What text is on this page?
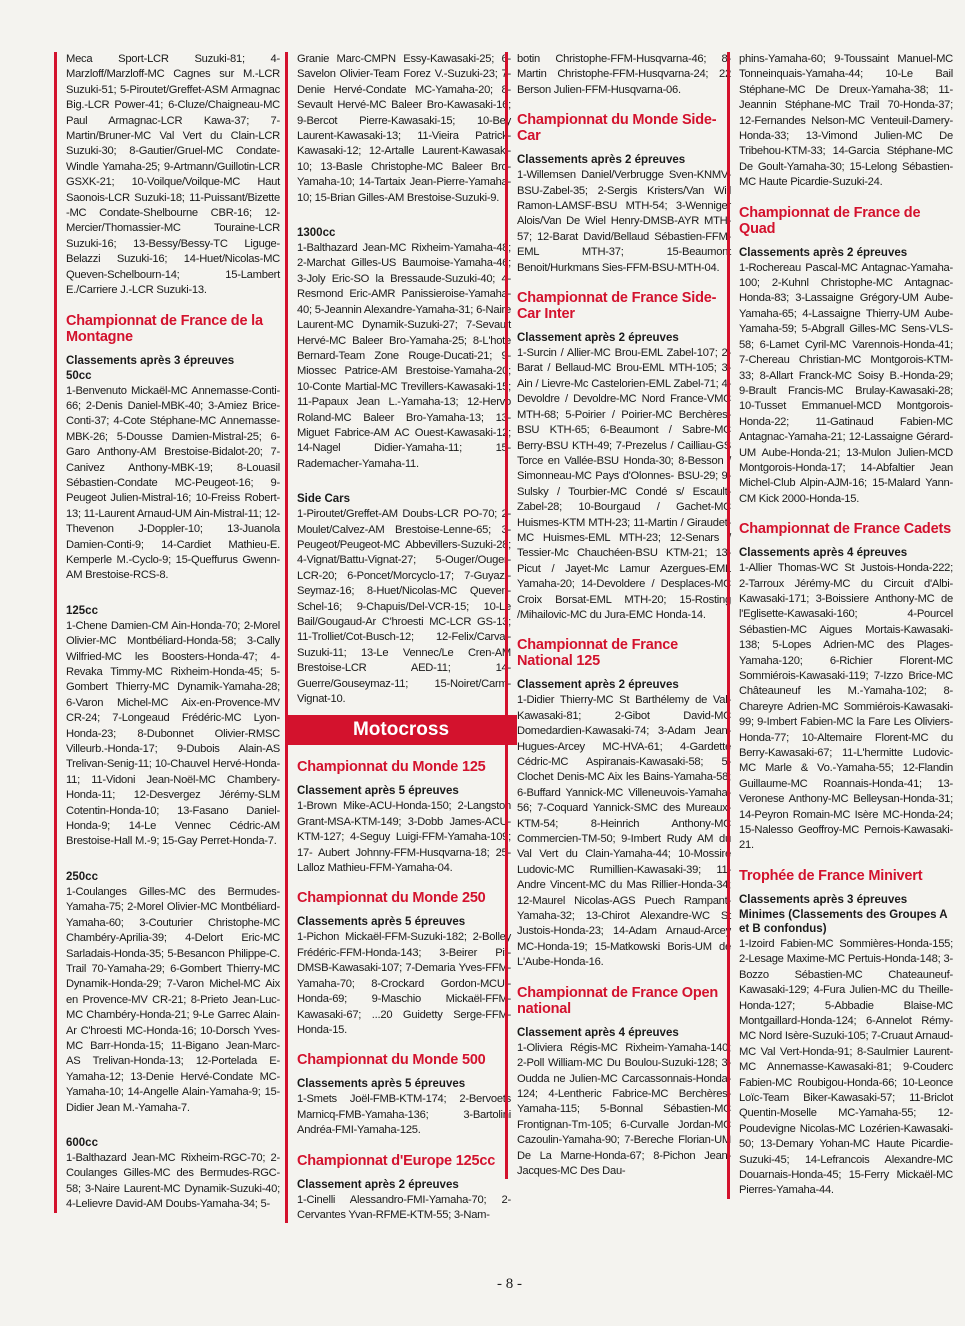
Meca Sport-LCR Suzuki-81; 4-Marzloff/Marzloff-MC Cagnes sur M.-LCR Suzuki-51; 5-Piroutet/Greffet-ASM Armagnac Big.-LCR Power-41; 6-Cluze/Chaigneau-MC Paul Armagnac-LCR Kawa-37; 7-Martin/Bruner-MC Val Vert du Clain-LCR Suzuki-30; 8-Gautier/Gruel-MC Condate-Windle Yamaha-25; 9-Artmann/Guillotin-LCR GSXK-21; 10-Voilque/Voilque-MC Haut Saonois-LCR Suzuki-18; 11-Puissant/Bizette -MC Condate-Shelbourne CBR-16; 12-Mercier/Thomassier-MC Touraine-LCR Suzuki-16; 13-Bessy/Bessy-TC Liguge-Belazzi Suzuki-16; 14-Huet/Nicolas-MC Queven-Schelbourn-14; 15-Lambert E./Carriere J.-LCR Suzuki-13.

Championnat de France de la Montagne
Classements après 3 épreuves
50cc

1-Benvenuto Mickaël-MC Annemasse-Conti-66; 2-Denis Daniel-MBK-40; 3-Amiez Brice-Conti-37; 4-Cote Stéphane-MC Annemasse-MBK-26; 5-Dousse Damien-Mistral-25; 6-Garo Anthony-AM Brestoise-Bidalot-20; 7-Canivez Anthony-MBK-19; 8-Louasil Sébastien-Condate MC-Peugeot-16; 9-Peugeot Julien-Mistral-16; 10-Freiss Robert-13; 11-Laurent Arnaud-UM Ain-Mistral-11; 12-Thevenon J-Doppler-10; 13-Juanola Damien-Conti-9; 14-Cardiet Mathieu-E. Kemperle M.-Cyclo-9; 15-Queffurus Gwenn-AM Brestoise-RCS-8.

125cc

1-Chene Damien-CM Ain-Honda-70; 2-Morel Olivier-MC Montbéliard-Honda-58; 3-Cally Wilfried-MC les Boosters-Honda-47; 4-Revaka Timmy-MC Rixheim-Honda-45; 5-Gombert Thierry-MC Dynamik-Yamaha-28; 6-Varon Michel-MC Aix-en-Provence-MV CR-24; 7-Longeaud Frédéric-MC Lyon-Honda-23; 8-Dubonnet Olivier-RMSC Villeurb.-Honda-17; 9-Dubois Alain-AS Trelivan-Senig-11; 10-Chauvel Hervé-Honda-11; 11-Vidoni Jean-Noël-MC Chambery-Honda-11; 12-Desvergez Jérémy-SLM Cotentin-Honda-10; 13-Fasano Daniel-Honda-9; 14-Le Vennec Cédric-AM Brestoise-Hall M.-9; 15-Gay Perret-Honda-7.

250cc

1-Coulanges Gilles-MC des Bermudes-Yamaha-75; 2-Morel Olivier-MC Montbéliard-Yamaha-60; 3-Couturier Christophe-MC Chambéry-Aprilia-39; 4-Delort Eric-MC Sarladais-Honda-35; 5-Besancon Philippe-C. Trail 70-Yamaha-29; 6-Gombert Thierry-MC Dynamik-Honda-29; 7-Varon Michel-MC Aix en Provence-MV CR-21; 8-Prieto Jean-Luc-MC Chambéry-Honda-21; 9-Le Garrec Alain-Ar C'hroesti MC-Honda-16; 10-Dorsch Yves-MC Barr-Honda-15; 11-Bigano Jean-Marc-AS Trelivan-Honda-13; 12-Portelada E-Yamaha-12; 13-Denie Hervé-Condate MC-Yamaha-10; 14-Angelle Alain-Yamaha-9; 15-Didier Jean M.-Yamaha-7.

600cc

1-Balthazard Jean-MC Rixheim-RGC-70; 2-Coulanges Gilles-MC des Bermudes-RGC-58; 3-Naire Laurent-MC Dynamik-Suzuki-40; 4-Lelievre David-AM Doubs-Yamaha-34; 5-

Granie Marc-CMPN Essy-Kawasaki-25; 6-Savelon Olivier-Team Forez V.-Suzuki-23; 7-Denie Hervé-Condate MC-Yamaha-20; 8-Sevault Hervé-MC Baleer Bro-Kawasaki-16; 9-Bercot Pierre-Kawasaki-15; 10-Bey Laurent-Kawasaki-13; 11-Vieira Patrick-Kawasaki-12; 12-Artalle Laurent-Kawasaki-10; 13-Basle Christophe-MC Baleer Bro-Yamaha-10; 14-Tartaix Jean-Pierre-Yamaha-10; 15-Brian Gilles-AM Brestoise-Suzuki-9.

1300cc

1-Balthazard Jean-MC Rixheim-Yamaha-48; 2-Marchat Gilles-US Baumoise-Yamaha-46; 3-Joly Eric-SO la Bressaude-Suzuki-40; 4-Resmond Eric-AMR Panissieroise-Yamaha-40; 5-Jeannin Alexandre-Yamaha-31; 6-Naire Laurent-MC Dynamik-Suzuki-27; 7-Sevault Hervé-MC Baleer Bro-Yamaha-25; 8-L'hote Bernard-Team Zone Rouge-Ducati-21; 9-Miossec Patrice-AM Brestoise-Yamaha-20; 10-Conte Martial-MC Trevillers-Kawasaki-15; 11-Papaux Jean L.-Yamaha-13; 12-Hervo Roland-MC Baleer Bro-Yamaha-13; 13-Miguet Fabrice-AM AC Ouest-Kawasaki-12; 14-Nagel Didier-Yamaha-11; 15-Rademacher-Yamaha-11.

Side Cars

1-Piroutet/Greffet-AM Doubs-LCR PO-70; 2-Moulet/Calvez-AM Brestoise-Lenne-65; 3-Peugeot/Peugeot-MC Abbevillers-Suzuki-28; 4-Vignat/Battu-Vignat-27; 5-Ouger/Ouger-LCR-20; 6-Poncet/Morcyclo-17; 7-Guyaz/-Seymaz-16; 8-Huet/Nicolas-MC Queven-Schel-16; 9-Chapuis/Del-VCR-15; 10-Le Bail/Gougaud-Ar C'hroesti MC-LCR GS-13; 11-Trolliet/Cot-Busch-12; 12-Felix/Carval-Suzuki-11; 13-Le Vennec/Le Cren-AM Brestoise-LCR AED-11; 14-Guerre/Gouseymaz-11; 15-Noiret/Carm-Vignat-10.

Motocross
Championnat du Monde 125
Classement après 5 épreuves

1-Brown Mike-ACU-Honda-150; 2-Langston Grant-MSA-KTM-149; 3-Dobb James-ACU-KTM-127; 4-Seguy Luigi-FFM-Yamaha-109; 17- Aubert Johnny-FFM-Husqvarna-18; 25-Lalloz Mathieu-FFM-Yamaha-04.

Championnat du Monde 250
Classements après 5 épreuves

1-Pichon Mickaël-FFM-Suzuki-182; 2-Bolley Frédéric-FFM-Honda-143; 3-Beirer Pit-DMSB-Kawasaki-107; 7-Demaria Yves-FFM-Yamaha-70; 8-Crockard Gordon-MCUI-Honda-69; 9-Maschio Mickaël-FFM-Kawasaki-67; ...20 Guidetty Serge-FFM-Honda-15.

Championnat du Monde 500
Classements après 5 épreuves

1-Smets Joël-FMB-KTM-174; 2-Bervoets Marnicq-FMB-Yamaha-136; 3-Bartolini Andréa-FMI-Yamaha-125.

Championnat d'Europe 125cc
Classement après 2 épreuves

1-Cinelli Alessandro-FMI-Yamaha-70; 2-Cervantes Yvan-RFME-KTM-55; 3-Nam-

botin Christophe-FFM-Husqvarna-46; 8-Martin Christophe-FFM-Husqvarna-24; 22 Berson Julien-FFM-Husqvarna-06.

Championnat du Monde Side-Car
Classements après 2 épreuves

1-Willemsen Daniel/Verbrugge Sven-KNMV-BSU-Zabel-35; 2-Sergis Kristers/Van Will Ramon-LAMSF-BSU MTH-54; 3-Wenniger Alois/Van De Wiel Henry-DMSB-AYR MTH-57; 12-Barat David/Bellaud Sébastien-FFM-EML MTH-37; 15-Beaumont Benoit/Hurkmans Sies-FFM-BSU-MTH-04.

Championnat de France Side-Car Inter
Classement après 2 épreuves

1-Surcin / Allier-MC Brou-EML Zabel-107; 2-Barat / Bellaud-MC Brou-EML MTH-105; 3-Ain / Lievre-Mc Castelorien-EML Zabel-71; 4-Devoldre / Devoldre-MC Nord France-VMC MTH-68; 5-Poirier / Poirier-MC Berchères-BSU KTH-65; 6-Beaumont / Sabre-MC Berry-BSU KTH-49; 7-Prezelus / Cailliau-GS Torce en Vallée-BSU Honda-30; 8-Besson / Simonneau-MC Pays d'Olonnes- BSU-29; 9-Sulsky / Tourbier-MC Condé s/ Escault-Zabel-28; 10-Bourgaud / Gachet-MC Huismes-KTM MTH-23; 11-Martin / Giraudet-MC Huismes-EML MTH-23; 12-Senars / Tessier-Mc Chauchéen-BSU KTM-21; 13-Picut / Jayet-Mc Lamur Azergues-EML Yamaha-20; 14-Devoldere / Desplaces-MC Croix Borsat-EML MTH-20; 15-Rosting /Mihailovic-MC du Jura-EMC Honda-14.

Championnat de France National 125
Classement après 2 épreuves

1-Didier Thierry-MC St Barthélemy de Val-Kawasaki-81; 2-Gibot David-MC Domedardien-Kawasaki-74; 3-Adam Jean-Hugues-Arcey MC-HVA-61; 4-Gardette Cédric-MC Aspiranais-Kawasaki-58; 5-Clochet Denis-MC Aix les Bains-Yamaha-58; 6-Buffard Yannick-MC Villeneuvois-Yamaha-56; 7-Coquard Yannick-SMC des Mureaux-KTM-54; 8-Heinrich Anthony-MC Commercien-TM-50; 9-Imbert Rudy AM du Val Vert du Clain-Yamaha-44; 10-Mossire Ludovic-MC Rumillien-Kawasaki-39; 11-Andre Vincent-MC du Mas Rillier-Honda-34; 12-Maurel Nicolas-AGS Puech Rampant-Yamaha-32; 13-Chirot Alexandre-WC St Justois-Honda-23; 14-Adam Arnaud-Arcey MC-Honda-19; 15-Matkowski Boris-UM de L'Aube-Honda-16.

Championnat de France Open national
Classement après 4 épreuves

1-Oliviera Régis-MC Rixheim-Yamaha-140; 2-Poll William-MC Du Boulou-Suzuki-128; 3-Oudda ne Julien-MC Carcassonnais-Honda-124; 4-Lentheric Fabrice-MC Berchères-Yamaha-115; 5-Bonnal Sébastien-MC Frontignan-Tm-105; 6-Curvalle Jordan-MC Cazoulin-Yamaha-90; 7-Bereche Florian-UM De La Marne-Honda-67; 8-Pichon Jean-Jacques-MC Des Dau-

phins-Yamaha-60; 9-Toussaint Manuel-MC Tonneinquais-Yamaha-44; 10-Le Bail Stéphane-MC De Dreux-Yamaha-38; 11-Jeannin Stéphane-MC Trail 70-Honda-37; 12-Fernandes Nelson-MC Venteuil-Damery-Honda-33; 13-Vimond Julien-MC De Tribehou-KTM-33; 14-Garcia Stéphane-MC De Goult-Yamaha-30; 15-Lelong Sébastien-MC Haute Picardie-Suzuki-24.

Championnat de France de Quad
Classements après 2 épreuves

1-Rochereau Pascal-MC Antagnac-Yamaha-100; 2-Kuhnl Christophe-MC Antagnac-Honda-83; 3-Lassaigne Grégory-UM Aube-Yamaha-65; 4-Lassaigne Thierry-UM Aube-Yamaha-59; 5-Abgrall Gilles-MC Sens-VLS-58; 6-Lamet Cyril-MC Varennois-Honda-41; 7-Chereau Christian-MC Montgorois-KTM-33; 8-Allart Franck-MC Soisy B.-Honda-29; 9-Brault Francis-MC Brulay-Kawasaki-28; 10-Tusset Emmanuel-MCD Montgorois-Honda-22; 11-Gatinaud Fabien-MC Antagnac-Yamaha-21; 12-Lassaigne Gérard-UM Aube-Honda-21; 13-Mulon Julien-MCD Montgorois-Honda-17; 14-Abfaltier Jean Michel-Club Alpin-AJM-16; 15-Malard Yann-CM Kick 2000-Honda-15.

Championnat de France Cadets
Classements après 4 épreuves

1-Allier Thomas-WC St Justois-Honda-222; 2-Tarroux Jérémy-MC du Circuit d'Albi-Kawasaki-171; 3-Boissiere Anthony-MC de l'Eglisette-Kawasaki-160; 4-Pourcel Sébastien-MC Aigues Mortais-Kawasaki-138; 5-Lopes Adrien-MC des Plages-Yamaha-120; 6-Richier Florent-MC Sommiérois-Kawasaki-119; 7-Izzo Brice-MC Châteauneuf les M.-Yamaha-102; 8-Chareyre Adrien-MC Sommiérois-Kawasaki-99; 9-Imbert Fabien-MC la Fare Les Oliviers-Honda-77; 10-Altemaire Florent-MC du Berry-Kawasaki-67; 11-L'hermitte Ludovic-MC Marle & Vo.-Yamaha-55; 12-Flandin Guillaume-MC Roannais-Honda-41; 13-Veronese Anthony-MC Belleysan-Honda-31; 14-Peyron Romain-MC Isère MC-Honda-24; 15-Nalesso Geoffroy-MC Pernois-Kawasaki-21.

Trophée de France Minivert
Classements après 3 épreuves
Minimes (Classements des Groupes A et B confondus)

1-Izoird Fabien-MC Sommières-Honda-155; 2-Lesage Maxime-MC Pertuis-Honda-148; 3-Bozzo Sébastien-MC Chateauneuf-Kawasaki-129; 4-Fura Julien-MC du Theille-Honda-127; 5-Abbadie Blaise-MC Montgaillard-Honda-124; 6-Annelot Rémy-MC Nord Isère-Suzuki-105; 7-Cruaut Arnaud-MC Val Vert-Honda-91; 8-Saulmier Laurent-MC Annemasse-Kawasaki-81; 9-Couderc Fabien-MC Roubigou-Honda-66; 10-Leonce Loïc-Team Biker-Kawasaki-57; 11-Briclot Quentin-Moselle MC-Yamaha-55; 12-Poudevigne Nicolas-MC Lozérien-Kawasaki-50; 13-Demary Yohan-MC Haute Picardie-Suzuki-45; 14-Lefrancois Alexandre-MC Douarnais-Honda-45; 15-Ferry Mickaël-MC Pierres-Yamaha-44.

- 8 -
